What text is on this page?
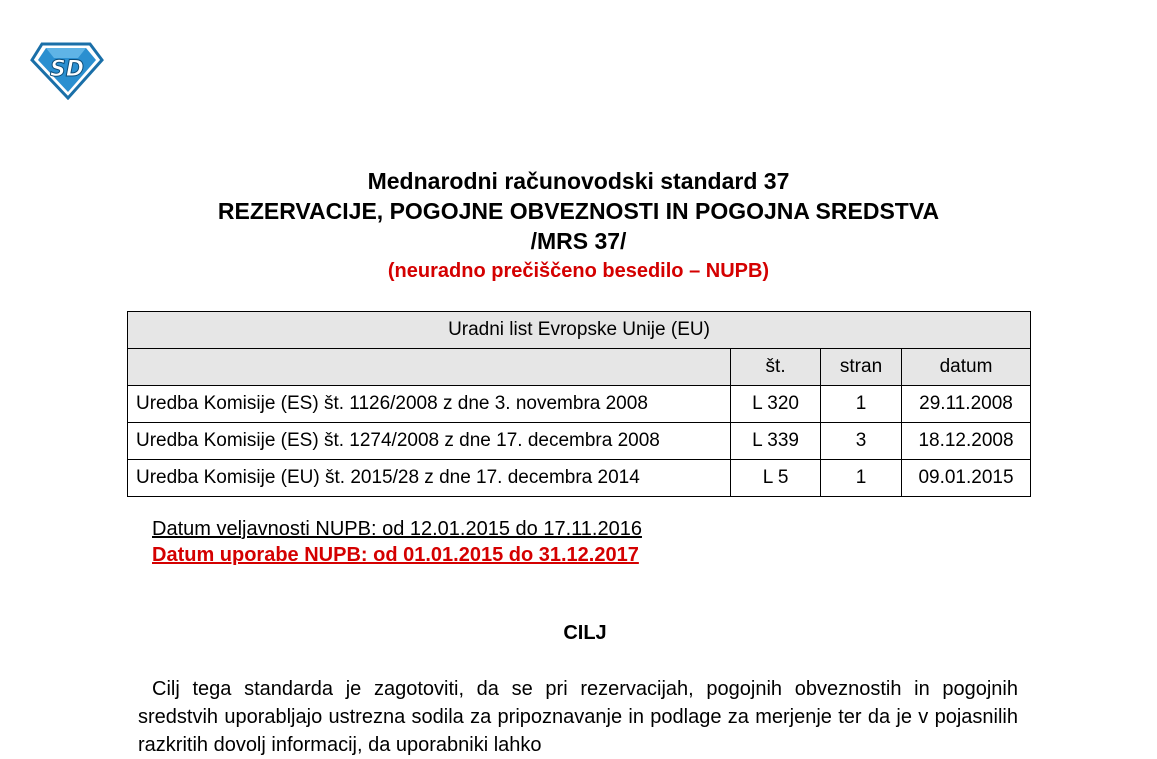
SD
Mednarodni računovodski standard 37
REZERVACIJE, POGOJNE OBVEZNOSTI IN POGOJNA SREDSTVA
/MRS 37/
(neuradno prečiščeno besedilo – NUPB)
Uradni list Evropske Unije (EU)			
	št.	stran	datum
Uredba Komisije (ES) št. 1126/2008 z dne 3. novembra 2008	L 320	1	29.11.2008
Uredba Komisije (ES) št. 1274/2008 z dne 17. decembra 2008	L 339	3	18.12.2008
Uredba Komisije (EU) št. 2015/28 z dne 17. decembra 2014	L 5	1	09.01.2015
Datum veljavnosti NUPB: od 12.01.2015 do 17.11.2016
Datum uporabe NUPB: od 01.01.2015 do 31.12.2017
CILJ
Cilj tega standarda je zagotoviti, da se pri rezervacijah, pogojnih obveznostih in pogojnih sredstvih uporabljajo ustrezna sodila za pripoznavanje in podlage za merjenje ter da je v pojasnilih razkritih dovolj informacij, da uporabniki lahko
